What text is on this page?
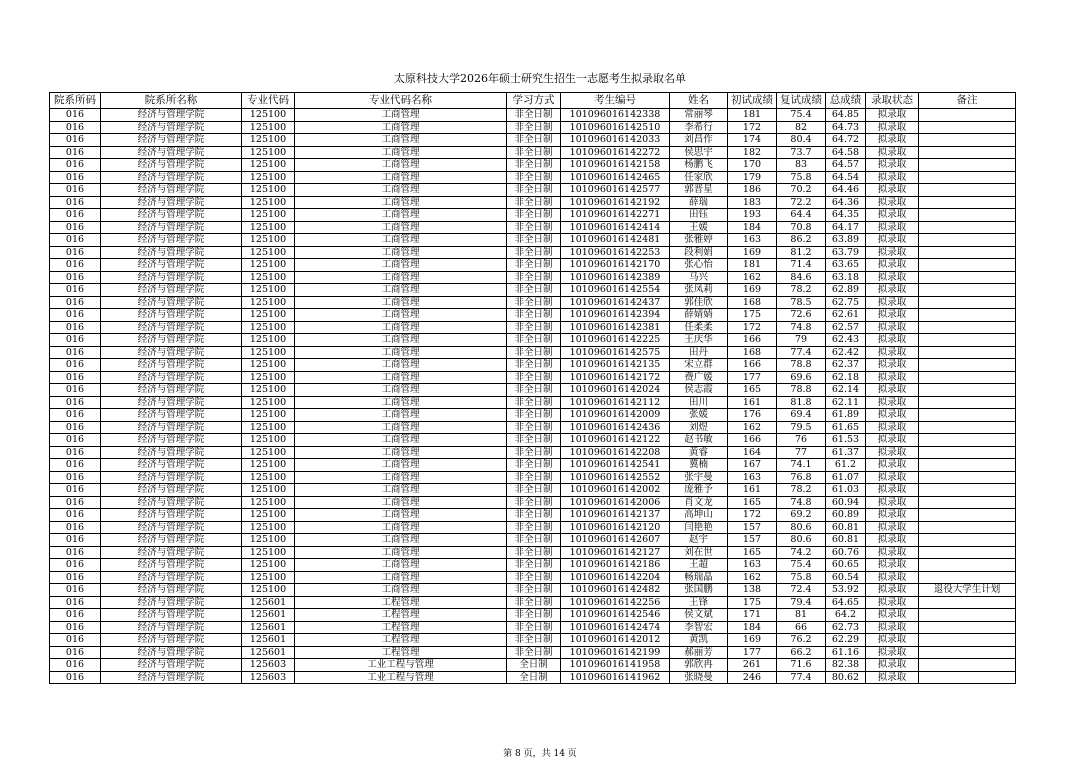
太原科技大学2026年硕士研究生招生一志愿考生拟录取名单
院系所码	院系所名称	专业代码	专业代码名称	学习方式	考生编号	姓名	初试成绩	复试成绩	总成绩	录取状态	备注
016	经济与管理学院	125100	工商管理	非全日制	101096016142338	常丽琴	181	75.4	64.85	拟录取	
016	经济与管理学院	125100	工商管理	非全日制	101096016142510	李希行	172	82	64.73	拟录取	
016	经济与管理学院	125100	工商管理	非全日制	101096016142033	刘昌作	174	80.4	64.72	拟录取	
016	经济与管理学院	125100	工商管理	非全日制	101096016142272	侯思宇	182	73.7	64.58	拟录取	
016	经济与管理学院	125100	工商管理	非全日制	101096016142158	杨鹏飞	170	83	64.57	拟录取	
016	经济与管理学院	125100	工商管理	非全日制	101096016142465	任家欣	179	75.8	64.54	拟录取	
016	经济与管理学院	125100	工商管理	非全日制	101096016142577	郭晋星	186	70.2	64.46	拟录取	
016	经济与管理学院	125100	工商管理	非全日制	101096016142192	薛瑞	183	72.2	64.36	拟录取	
016	经济与管理学院	125100	工商管理	非全日制	101096016142271	田钰	193	64.4	64.35	拟录取	
016	经济与管理学院	125100	工商管理	非全日制	101096016142414	王媛	184	70.8	64.17	拟录取	
016	经济与管理学院	125100	工商管理	非全日制	101096016142481	张雅婷	163	86.2	63.89	拟录取	
016	经济与管理学院	125100	工商管理	非全日制	101096016142253	段利娟	169	81.2	63.79	拟录取	
016	经济与管理学院	125100	工商管理	非全日制	101096016142170	张心怡	181	71.4	63.65	拟录取	
016	经济与管理学院	125100	工商管理	非全日制	101096016142389	马兴	162	84.6	63.18	拟录取	
016	经济与管理学院	125100	工商管理	非全日制	101096016142554	张凤莉	169	78.2	62.89	拟录取	
016	经济与管理学院	125100	工商管理	非全日制	101096016142437	郭佳欣	168	78.5	62.75	拟录取	
016	经济与管理学院	125100	工商管理	非全日制	101096016142394	薛婧婧	175	72.6	62.61	拟录取	
016	经济与管理学院	125100	工商管理	非全日制	101096016142381	任柔柔	172	74.8	62.57	拟录取	
016	经济与管理学院	125100	工商管理	非全日制	101096016142225	王庆华	166	79	62.43	拟录取	
016	经济与管理学院	125100	工商管理	非全日制	101096016142575	田丹	168	77.4	62.42	拟录取	
016	经济与管理学院	125100	工商管理	非全日制	101096016142135	宋立群	166	78.8	62.37	拟录取	
016	经济与管理学院	125100	工商管理	非全日制	101096016142172	费广媛	177	69.6	62.18	拟录取	
016	经济与管理学院	125100	工商管理	非全日制	101096016142024	侯志霞	165	78.8	62.14	拟录取	
016	经济与管理学院	125100	工商管理	非全日制	101096016142112	田川	161	81.8	62.11	拟录取	
016	经济与管理学院	125100	工商管理	非全日制	101096016142009	张媛	176	69.4	61.89	拟录取	
016	经济与管理学院	125100	工商管理	非全日制	101096016142436	刘煜	162	79.5	61.65	拟录取	
016	经济与管理学院	125100	工商管理	非全日制	101096016142122	赵书敏	166	76	61.53	拟录取	
016	经济与管理学院	125100	工商管理	非全日制	101096016142208	黄睿	164	77	61.37	拟录取	
016	经济与管理学院	125100	工商管理	非全日制	101096016142541	冀楠	167	74.1	61.2	拟录取	
016	经济与管理学院	125100	工商管理	非全日制	101096016142552	张宇曼	163	76.8	61.07	拟录取	
016	经济与管理学院	125100	工商管理	非全日制	101096016142002	庞雅予	161	78.2	61.03	拟录取	
016	经济与管理学院	125100	工商管理	非全日制	101096016142006	肖文龙	165	74.8	60.94	拟录取	
016	经济与管理学院	125100	工商管理	非全日制	101096016142137	高坤山	172	69.2	60.89	拟录取	
016	经济与管理学院	125100	工商管理	非全日制	101096016142120	闫艳艳	157	80.6	60.81	拟录取	
016	经济与管理学院	125100	工商管理	非全日制	101096016142607	赵宇	157	80.6	60.81	拟录取	
016	经济与管理学院	125100	工商管理	非全日制	101096016142127	刘在世	165	74.2	60.76	拟录取	
016	经济与管理学院	125100	工商管理	非全日制	101096016142186	王超	163	75.4	60.65	拟录取	
016	经济与管理学院	125100	工商管理	非全日制	101096016142204	畅瑞晶	162	75.8	60.54	拟录取	
016	经济与管理学院	125100	工商管理	非全日制	101096016142482	张国鹏	138	72.4	53.92	拟录取	退役大学生计划
016	经济与管理学院	125601	工程管理	非全日制	101096016142256	王锋	175	79.4	64.65	拟录取	
016	经济与管理学院	125601	工程管理	非全日制	101096016142546	侯文斌	171	81	64.2	拟录取	
016	经济与管理学院	125601	工程管理	非全日制	101096016142474	李智宏	184	66	62.73	拟录取	
016	经济与管理学院	125601	工程管理	非全日制	101096016142012	黄凯	169	76.2	62.29	拟录取	
016	经济与管理学院	125601	工程管理	非全日制	101096016142199	郝丽芳	177	66.2	61.16	拟录取	
016	经济与管理学院	125603	工业工程与管理	全日制	101096016141958	郭欣冉	261	71.6	82.38	拟录取	
016	经济与管理学院	125603	工业工程与管理	全日制	101096016141962	张晓曼	246	77.4	80.62	拟录取	
第 8 页，共 14 页
